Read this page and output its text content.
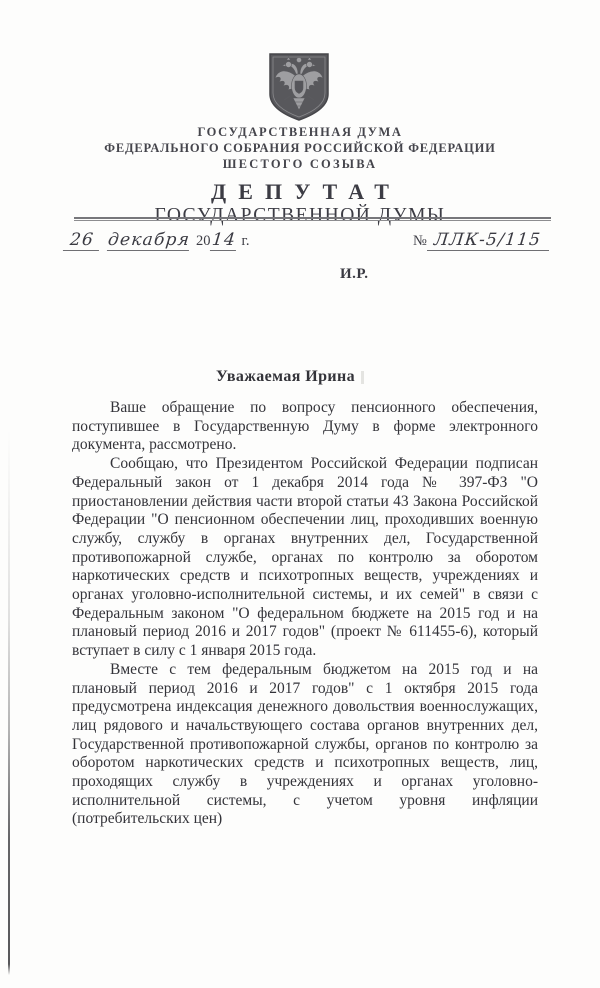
ГОСУДАРСТВЕННАЯ ДУМА
ФЕДЕРАЛЬНОГО СОБРАНИЯ РОССИЙСКОЙ ФЕДЕРАЦИИ
ШЕСТОГО СОЗЫВА
ДЕПУТАТ
ГОСУДАРСТВЕННОЙ ДУМЫ
26 декабря 2014 г.	№ ЛЛК-5/115
И.Р.
Уважаемая Ирина

Ваше обращение по вопросу пенсионного обеспечения, поступившее в Государственную Думу в форме электронного документа, рассмотрено.

Сообщаю, что Президентом Российской Федерации подписан Федеральный закон от 1 декабря 2014 года № 397-ФЗ "О приостановлении действия части второй статьи 43 Закона Российской Федерации "О пенсионном обеспечении лиц, проходивших военную службу, службу в органах внутренних дел, Государственной противопожарной службе, органах по контролю за оборотом наркотических средств и психотропных веществ, учреждениях и органах уголовно-исполнительной системы, и их семей" в связи с Федеральным законом "О федеральном бюджете на 2015 год и на плановый период 2016 и 2017 годов" (проект № 611455-6), который вступает в силу с 1 января 2015 года.

Вместе с тем федеральным бюджетом на 2015 год и на плановый период 2016 и 2017 годов" с 1 октября 2015 года предусмотрена индексация денежного довольствия военнослужащих, лиц рядового и начальствующего состава органов внутренних дел, Государственной противопожарной службы, органов по контролю за оборотом наркотических средств и психотропных веществ, лиц, проходящих службу в учреждениях и органах уголовно-исполнительной системы, с учетом уровня инфляции (потребительских цен)
